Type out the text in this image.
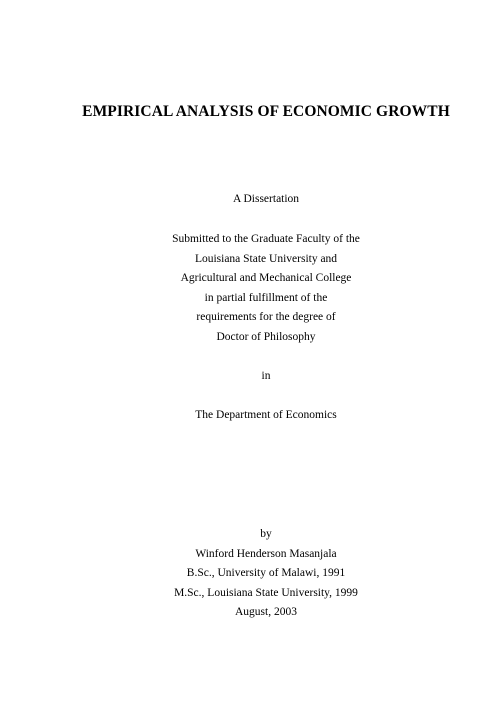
EMPIRICAL ANALYSIS OF ECONOMIC GROWTH
A Dissertation
Submitted to the Graduate Faculty of the
Louisiana State University and
Agricultural and Mechanical College
in partial fulfillment of the
requirements for the degree of
Doctor of Philosophy
in
The Department of Economics
by
Winford Henderson Masanjala
B.Sc., University of Malawi, 1991
M.Sc., Louisiana State University, 1999
August, 2003
